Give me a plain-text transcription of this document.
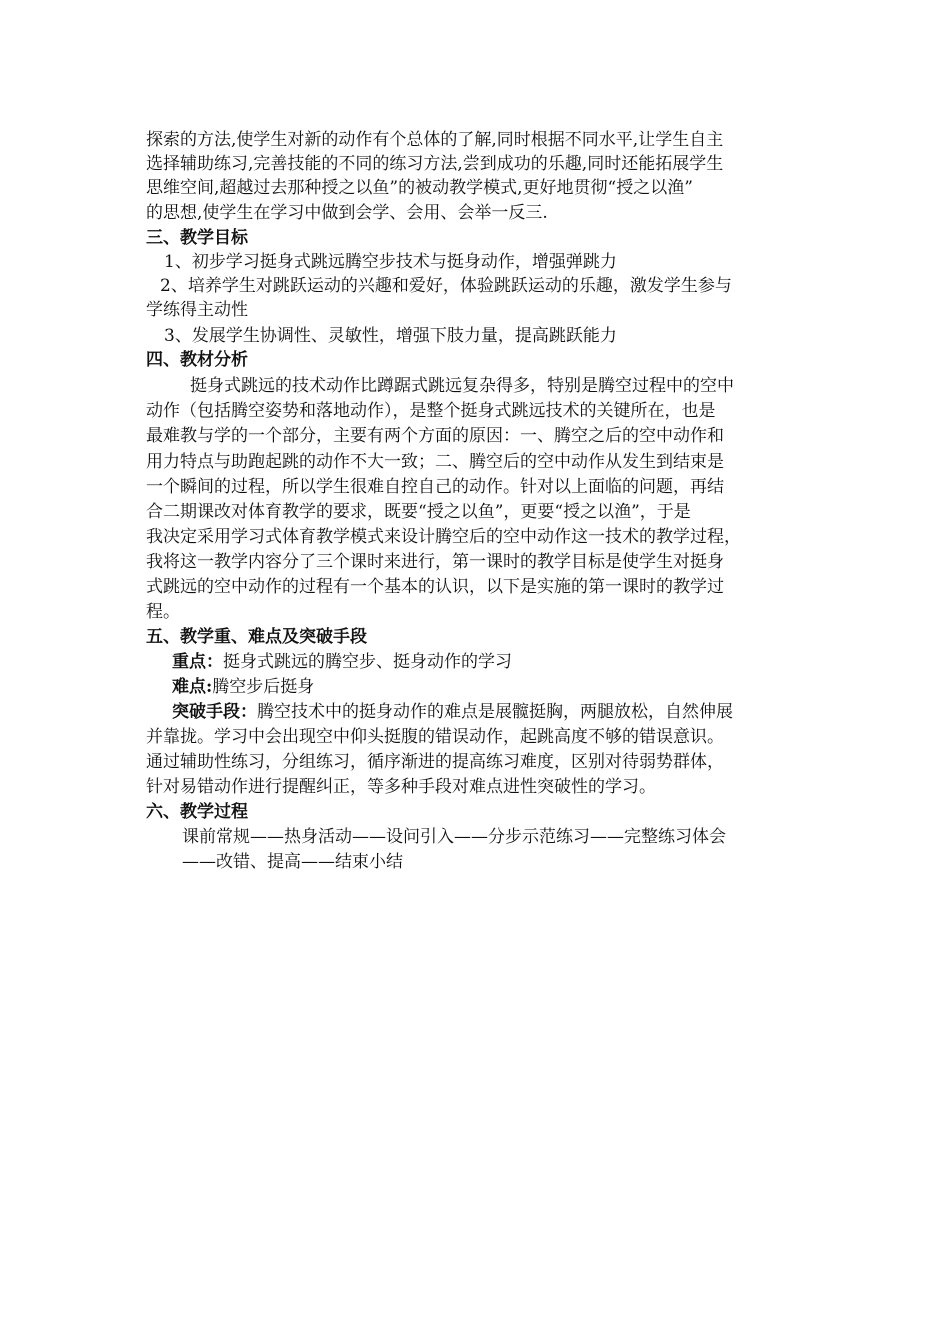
探索的方法,使学生对新的动作有个总体的了解,同时根据不同水平,让学生自主
选择辅助练习,完善技能的不同的练习方法,尝到成功的乐趣,同时还能拓展学生
思维空间,超越过去那种授之以鱼”的被动教学模式,更好地贯彻“授之以渔”
的思想,使学生在学习中做到会学、会用、会举一反三.
三、教学目标
1、初步学习挺身式跳远腾空步技术与挺身动作，增强弹跳力
2、培养学生对跳跃运动的兴趣和爱好，体验跳跃运动的乐趣，激发学生参与
学练得主动性
3、发展学生协调性、灵敏性，增强下肢力量，提高跳跃能力
四、教材分析
挺身式跳远的技术动作比蹲踞式跳远复杂得多，特别是腾空过程中的空中
动作（包括腾空姿势和落地动作），是整个挺身式跳远技术的关键所在，也是
最难教与学的一个部分，主要有两个方面的原因：一、腾空之后的空中动作和
用力特点与助跑起跳的动作不大一致；二、腾空后的空中动作从发生到结束是
一个瞬间的过程，所以学生很难自控自己的动作。针对以上面临的问题，再结
合二期课改对体育教学的要求，既要“授之以鱼”，更要“授之以渔”，于是
我决定采用学习式体育教学模式来设计腾空后的空中动作这一技术的教学过程，
我将这一教学内容分了三个课时来进行，第一课时的教学目标是使学生对挺身
式跳远的空中动作的过程有一个基本的认识，以下是实施的第一课时的教学过
程。
五、教学重、难点及突破手段
重点：挺身式跳远的腾空步、挺身动作的学习
难点:腾空步后挺身
突破手段：腾空技术中的挺身动作的难点是展髋挺胸，两腿放松，自然伸展
并靠拢。学习中会出现空中仰头挺腹的错误动作，起跳高度不够的错误意识。
通过辅助性练习，分组练习，循序渐进的提高练习难度，区别对待弱势群体，
针对易错动作进行提醒纠正，等多种手段对难点进性突破性的学习。
六、教学过程
课前常规——热身活动——设问引入——分步示范练习——完整练习体会
——改错、提高——结束小结
